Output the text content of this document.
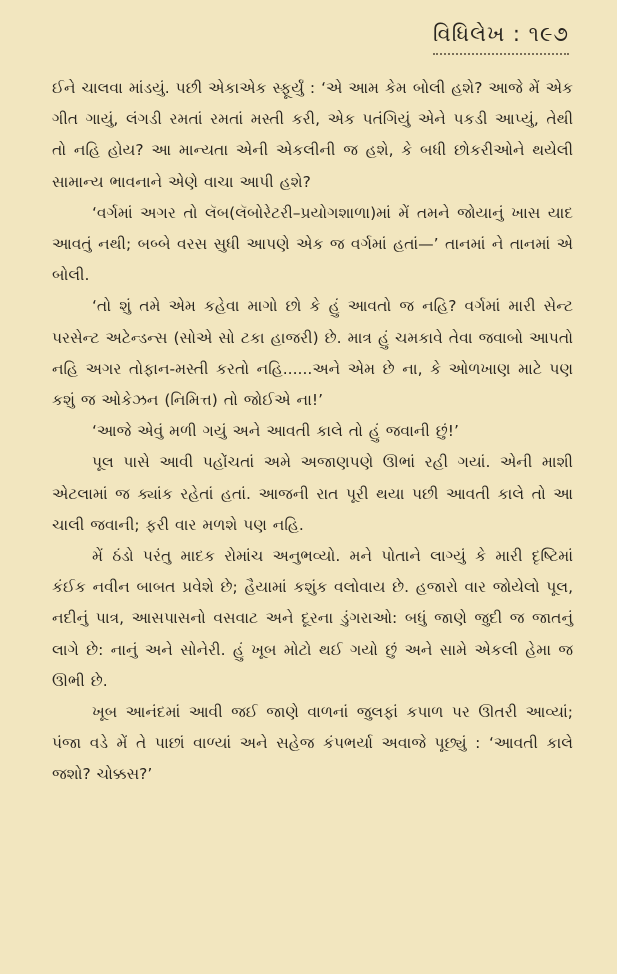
વિધિલેખ : ૧૯૭

ઈને ચાલવા માંડયું. પછી એકાએક સ્ફૂર્યું : ‘એ આમ કેમ બોલી હશે? આજે મેં એક ગીત ગાયું, લંગડી રમતાં રમતાં મસ્તી કરી, એક પતંગિયું એને પકડી આપ્યું, તેથી તો નહિ હોય? આ માન્યતા એની એકલીની જ હશે, કે બધી છોકરીઓને થયેલી સામાન્ય ભાવનાને એણે વાચા આપી હશે?

‘વર્ગમાં અગર તો લૅબ(લૅબોરેટરી–પ્રયોગશાળા)માં મેં તમને જોયાનું ખાસ યાદ આવતું નથી; બબ્બે વરસ સુધી આપણે એક જ વર્ગમાં હતાં—’ તાનમાં ને તાનમાં એ બોલી.

‘તો શું તમે એમ કહેવા માગો છો કે હું આવતો જ નહિ? વર્ગમાં મારી સેન્ટ પરસેન્ટ અટેન્ડન્સ (સોએ સો ટકા હાજરી) છે. માત્ર હું ચમકાવે તેવા જવાબો આપતો નહિ અગર તોફાન-મસ્તી કરતો નહિ......અને એમ છે ના, કે ઓળખાણ માટે પણ કશું જ ઓકેઝન (નિમિત્ત) તો જોઈએ ના!’

‘આજે એવું મળી ગયું અને આવતી કાલે તો હું જવાની છું!’

પૂલ પાસે આવી પહોંચતાં અમે અજાણપણે ઊભાં રહી ગયાં. એની માશી એટલામાં જ ક્યાંક રહેતાં હતાં. આજની રાત પૂરી થયા પછી આવતી કાલે તો આ ચાલી જવાની; ફરી વાર મળશે પણ નહિ.

મેં ઠંડો પરંતુ માદક રોમાંચ અનુભવ્યો. મને પોતાને લાગ્યું કે મારી દૃષ્ટિમાં કંઈક નવીન બાબત પ્રવેશે છે; હૈયામાં કશુંક વલોવાય છે. હજારો વાર જોયેલો પૂલ, નદીનું પાત્ર, આસપાસનો વસવાટ અને દૂરના ડુંગરાઓ: બધું જાણે જુદી જ જાતનું લાગે છે: નાનું અને સોનેરી. હું ખૂબ મોટો થઈ ગયો છું અને સામે એકલી હેમા જ ઊભી છે.

ખૂબ આનંદમાં આવી જઈ જાણે વાળનાં જુલફાં કપાળ પર ઊતરી આવ્યાં; પંજા વડે મેં તે પાછાં વાળ્યાં અને સહેજ કંપભર્યા અવાજે પૂછ્યું : ‘આવતી કાલે જશો? ચોક્કસ?’
